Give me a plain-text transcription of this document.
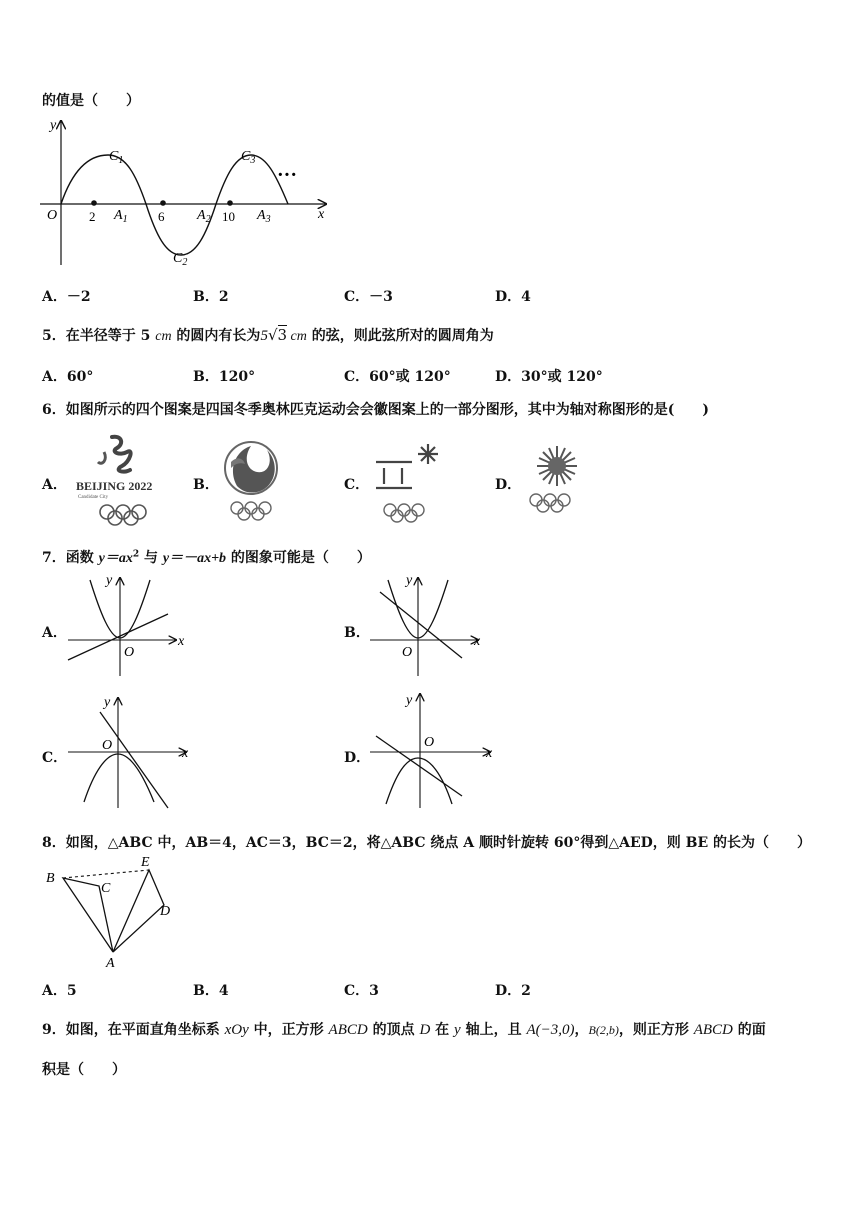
的值是（　　）
y
O	x
2	6	10
$A_1$	$A_2$	$A_3$
$C_1$
$C_2$
$C_3$
···
A．－2	B．2	C．－3	D．4
5．在半径等于 5 cm 的圆内有长为5√3 cm 的弦，则此弦所对的圆周角为
A．60°	B．120°	C．60°或 120°	D．30°或 120°
6．如图所示的四个图案是四国冬季奥林匹克运动会会徽图案上的一部分图形，其中为轴对称图形的是(　　)
A． BEIJING 2022
Candidate City
B．	C．	D．
7．函数 $y=ax^2$ 与 y＝－ax+b 的图象可能是（　　）
A．
x
y
O
B．
x
y
O
C．	x
y
O
D．	x
y
O
8．如图，△ABC 中，AB＝4，AC＝3，BC＝2，将△ABC 绕点 A 顺时针旋转 60°得到△AED，则 BE 的长为（　　）
B
C
E
D
A
A．5	B．4	C．3	D．2
9．如图，在平面直角坐标系 xOy 中，正方形 ABCD 的顶点 D 在 y 轴上，且 A(−3,0)，B(2,b)，则正方形 ABCD 的面
积是（　　）
